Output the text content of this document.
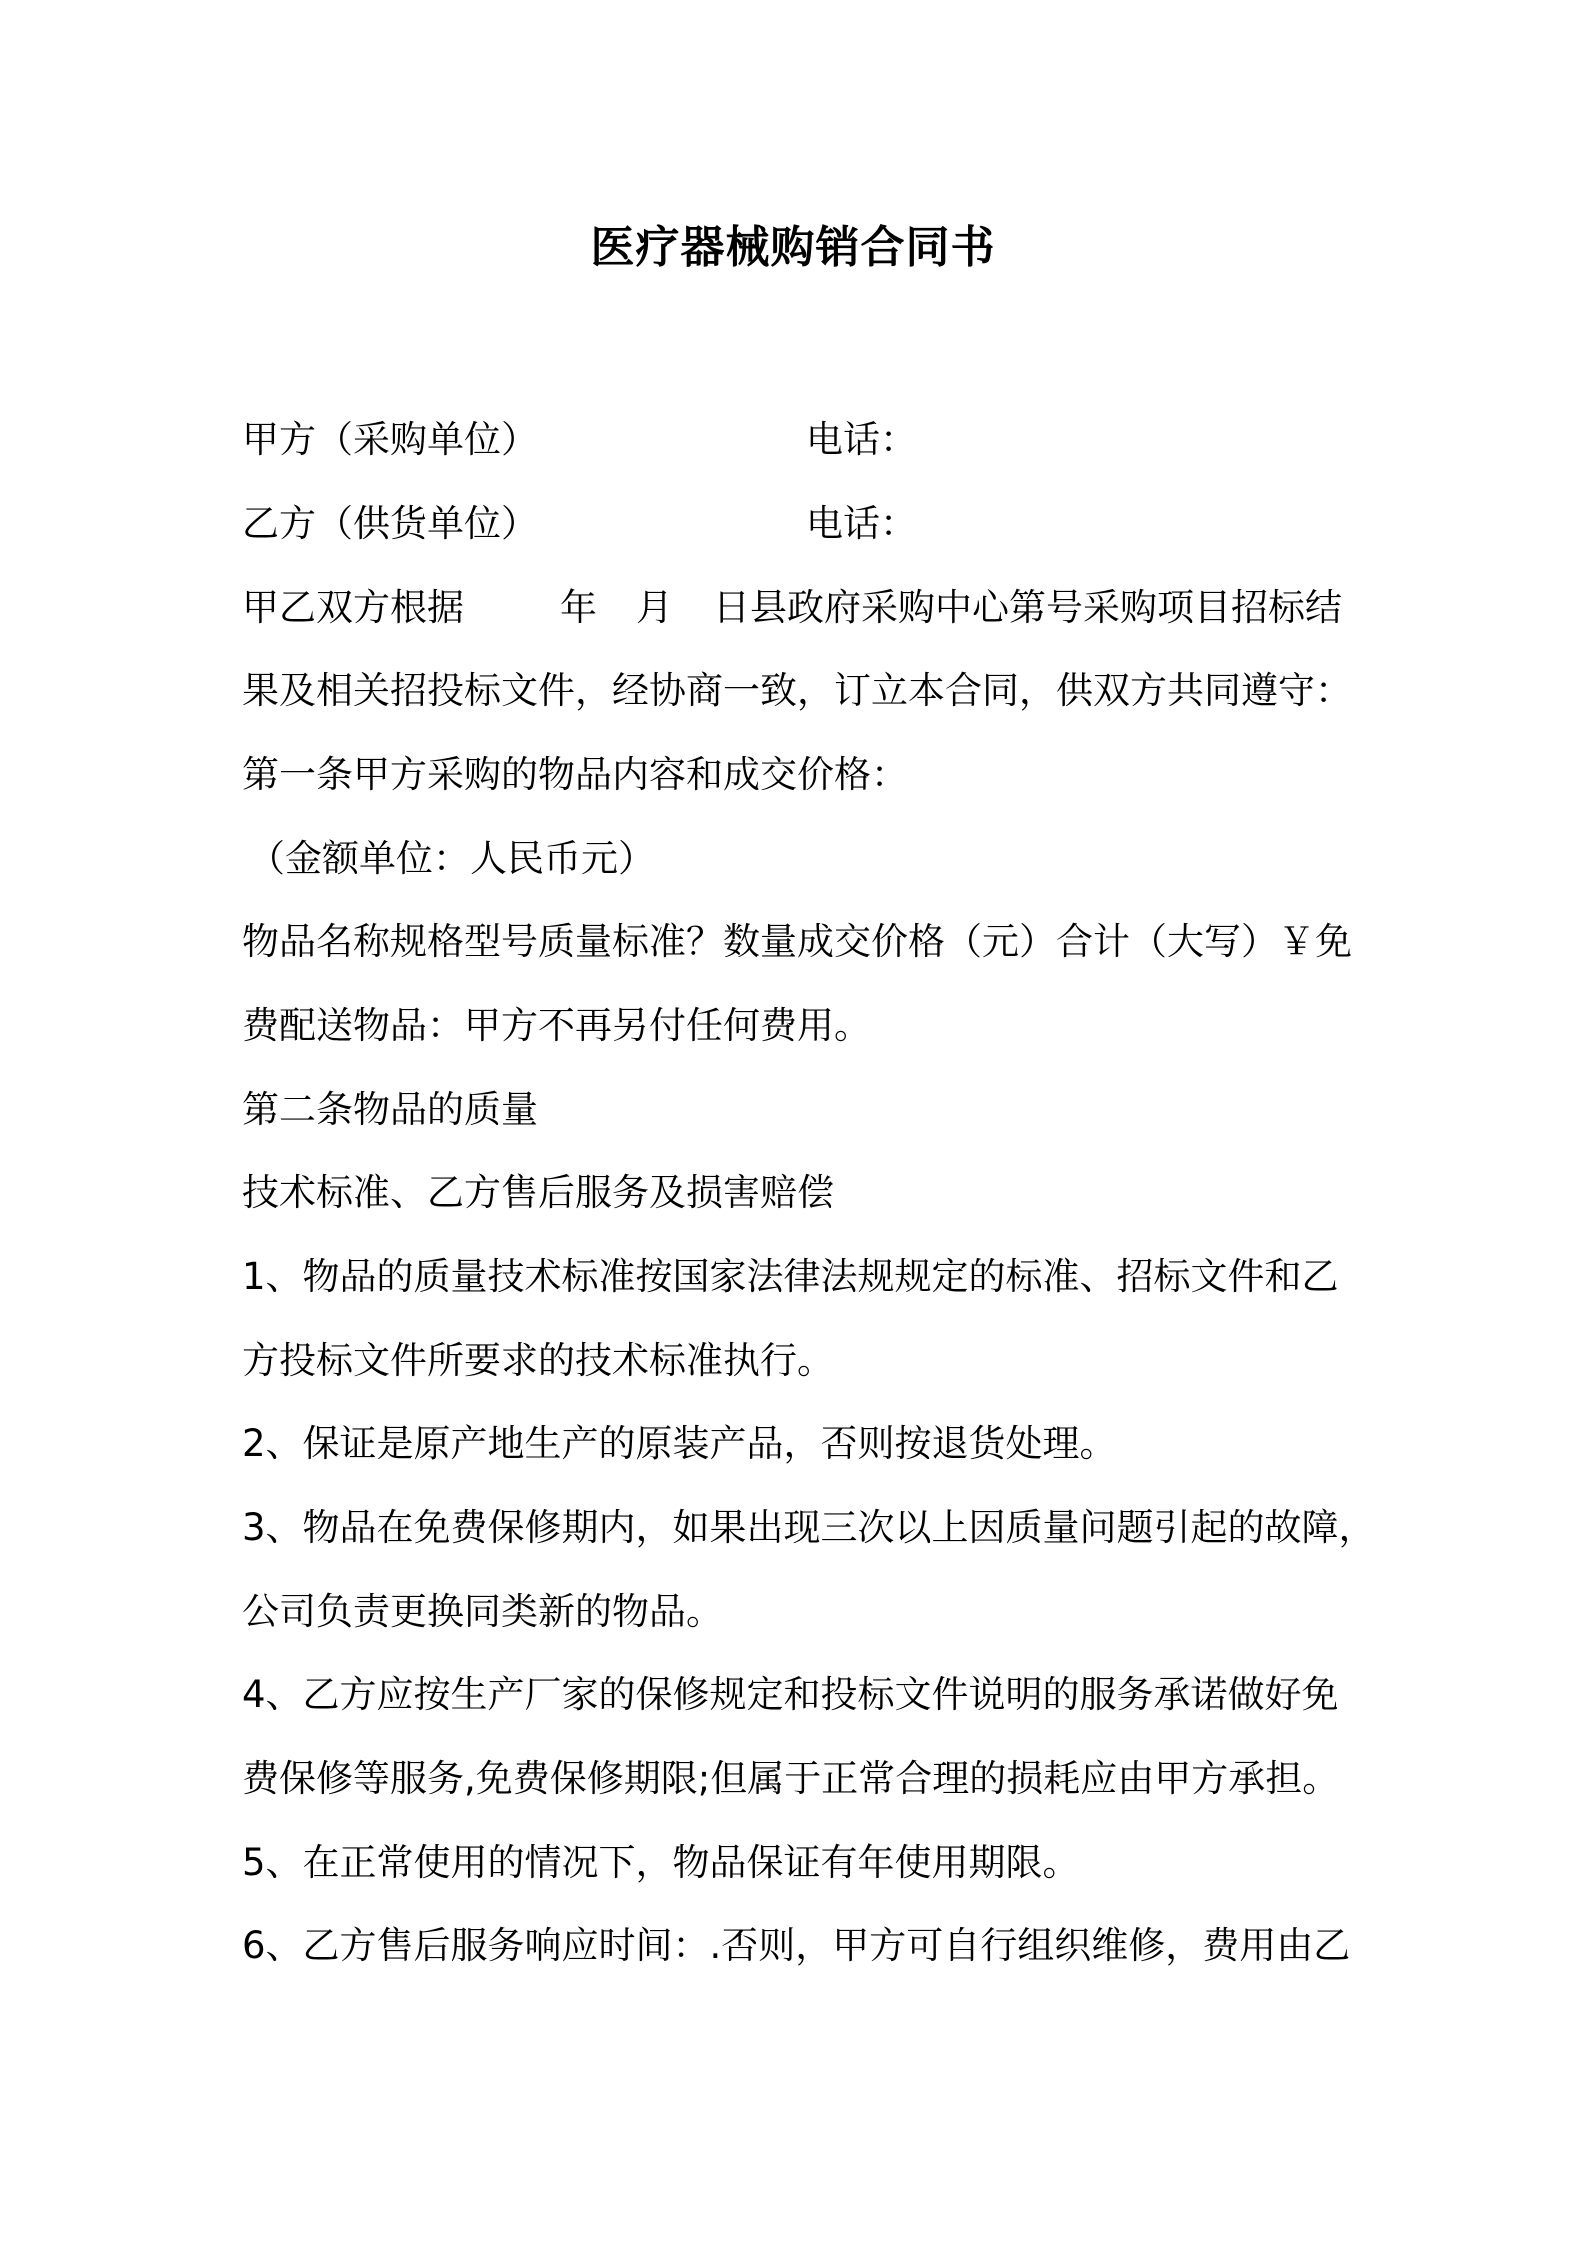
医疗器械购销合同书
甲方（采购单位）	电话：
乙方（供货单位）	电话：
甲乙双方根据	年 月 日县政府采购中心第号采购项目招标结
果及相关招投标文件，经协商一致，订立本合同，供双方共同遵守：
第一条甲方采购的物品内容和成交价格：
（金额单位：人民币元）
物品名称规格型号质量标准？数量成交价格（元）合计（大写）￥免
费配送物品：甲方不再另付任何费用。
第二条物品的质量
技术标准、乙方售后服务及损害赔偿
1、物品的质量技术标准按国家法律法规规定的标准、招标文件和乙
方投标文件所要求的技术标准执行。
2、保证是原产地生产的原装产品，否则按退货处理。
3、物品在免费保修期内，如果出现三次以上因质量问题引起的故障，
公司负责更换同类新的物品。
4、乙方应按生产厂家的保修规定和投标文件说明的服务承诺做好免
费保修等服务,免费保修期限;但属于正常合理的损耗应由甲方承担。
5、在正常使用的情况下，物品保证有年使用期限。
6、乙方售后服务响应时间：.否则，甲方可自行组织维修，费用由乙
